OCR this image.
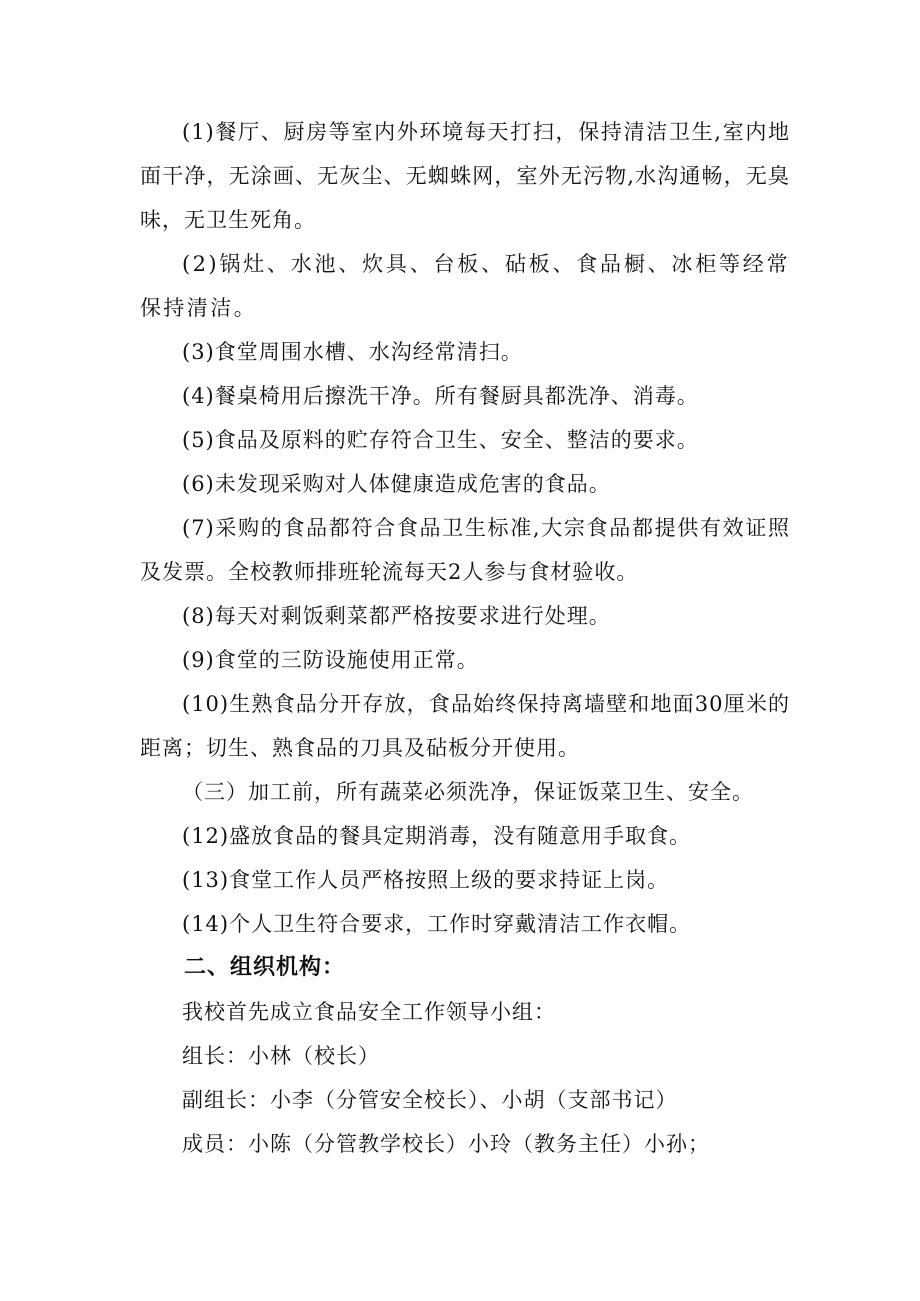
(1)餐厅、厨房等室内外环境每天打扫，保持清洁卫生,室内地面干净，无涂画、无灰尘、无蜘蛛网，室外无污物,水沟通畅，无臭味，无卫生死角。

(2)锅灶、水池、炊具、台板、砧板、食品橱、冰柜等经常保持清洁。

(3)食堂周围水槽、水沟经常清扫。

(4)餐桌椅用后擦洗干净。所有餐厨具都洗净、消毒。

(5)食品及原料的贮存符合卫生、安全、整洁的要求。

(6)未发现采购对人体健康造成危害的食品。

(7)采购的食品都符合食品卫生标准,大宗食品都提供有效证照及发票。全校教师排班轮流每天2人参与食材验收。

(8)每天对剩饭剩菜都严格按要求进行处理。

(9)食堂的三防设施使用正常。

(10)生熟食品分开存放，食品始终保持离墙壁和地面30厘米的距离；切生、熟食品的刀具及砧板分开使用。

（三）加工前，所有蔬菜必须洗净，保证饭菜卫生、安全。

(12)盛放食品的餐具定期消毒，没有随意用手取食。

(13)食堂工作人员严格按照上级的要求持证上岗。

(14)个人卫生符合要求，工作时穿戴清洁工作衣帽。

二、组织机构：

我校首先成立食品安全工作领导小组：

组长：小林（校长）

副组长：小李（分管安全校长）、小胡（支部书记）

成员：小陈（分管教学校长）小玲（教务主任）小孙；
